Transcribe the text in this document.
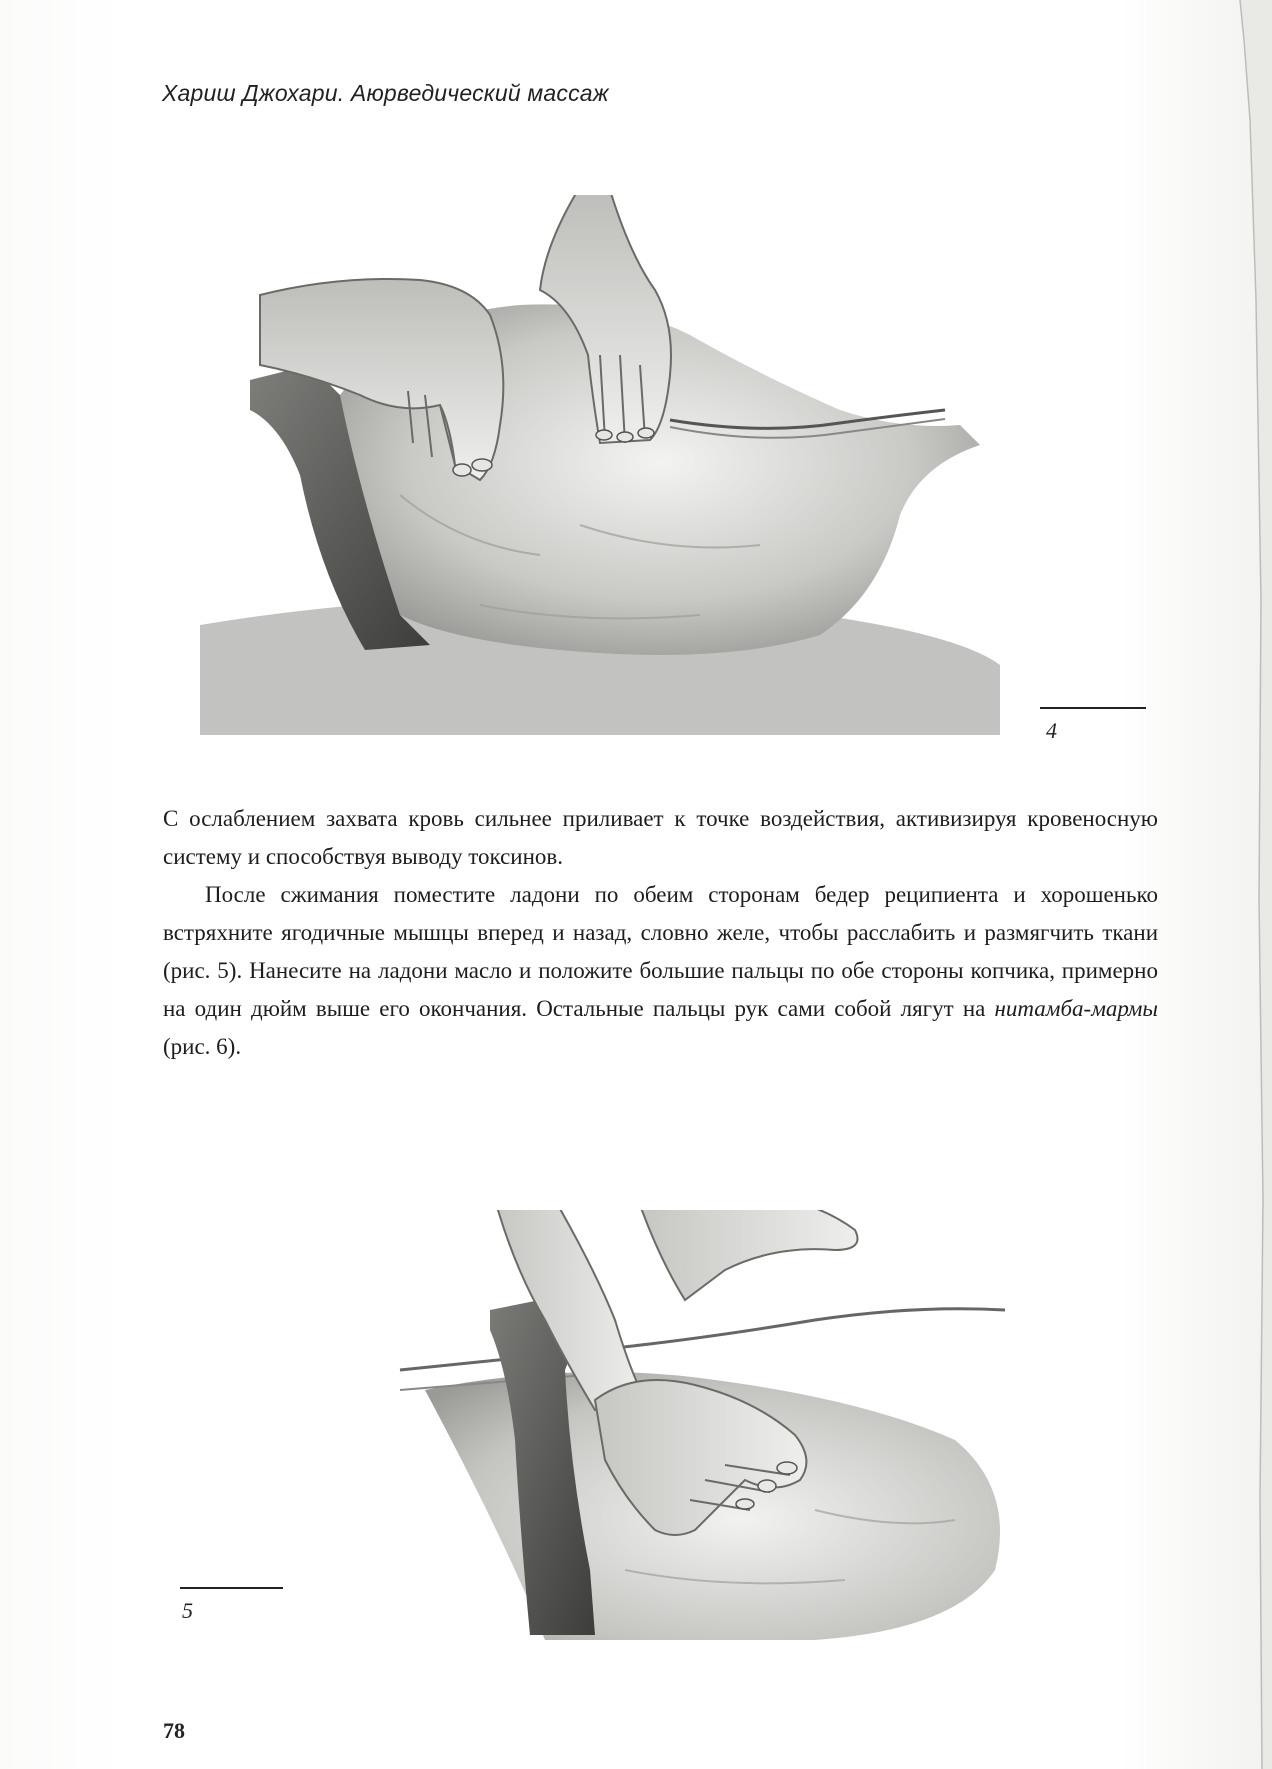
Хариш Джохари. Аюрведический массаж
4

С ослаблением захвата кровь сильнее приливает к точке воздействия, активизируя кровеносную систему и способствуя выводу токсинов.

После сжимания поместите ладони по обеим сторонам бедер реципиента и хорошенько встряхните ягодичные мышцы вперед и назад, словно желе, чтобы расслабить и размягчить ткани (рис. 5). Нанесите на ладони масло и положите большие пальцы по обе стороны копчика, примерно на один дюйм выше его окончания. Остальные пальцы рук сами собой лягут на нитамба-мармы (рис. 6).

5
78
